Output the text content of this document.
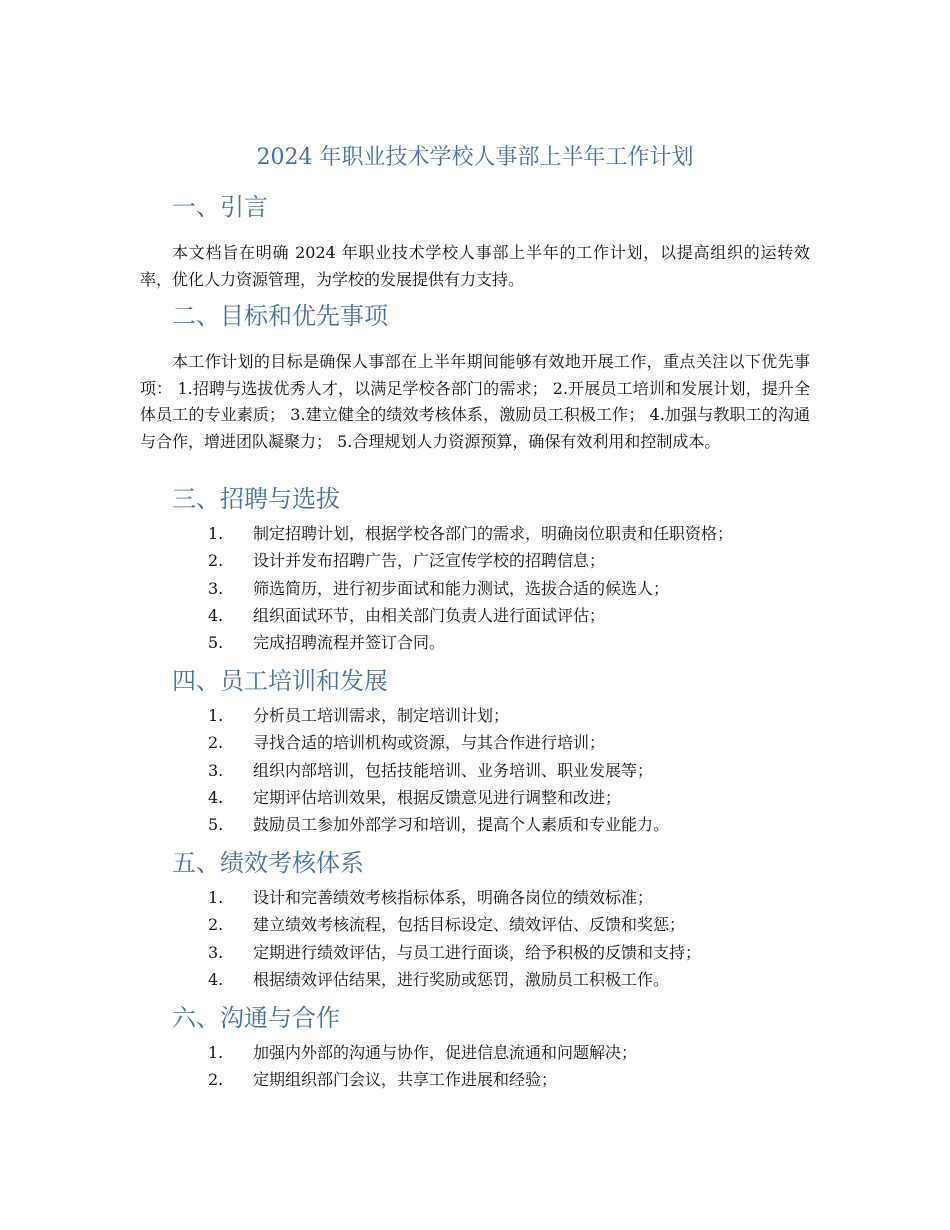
2024 年职业技术学校人事部上半年工作计划
一、引言

本文档旨在明确 2024 年职业技术学校人事部上半年的工作计划，以提高组织的运转效率，优化人力资源管理，为学校的发展提供有力支持。

二、目标和优先事项

本工作计划的目标是确保人事部在上半年期间能够有效地开展工作，重点关注以下优先事项： 1.招聘与选拔优秀人才，以满足学校各部门的需求； 2.开展员工培训和发展计划，提升全体员工的专业素质； 3.建立健全的绩效考核体系，激励员工积极工作； 4.加强与教职工的沟通与合作，增进团队凝聚力； 5.合理规划人力资源预算，确保有效利用和控制成本。

三、招聘与选拔
1. 制定招聘计划，根据学校各部门的需求，明确岗位职责和任职资格；
2. 设计并发布招聘广告，广泛宣传学校的招聘信息；
3. 筛选简历，进行初步面试和能力测试，选拔合适的候选人；
4. 组织面试环节，由相关部门负责人进行面试评估；
5. 完成招聘流程并签订合同。
四、员工培训和发展
1. 分析员工培训需求，制定培训计划；
2. 寻找合适的培训机构或资源，与其合作进行培训；
3. 组织内部培训，包括技能培训、业务培训、职业发展等；
4. 定期评估培训效果，根据反馈意见进行调整和改进；
5. 鼓励员工参加外部学习和培训，提高个人素质和专业能力。
五、绩效考核体系
1. 设计和完善绩效考核指标体系，明确各岗位的绩效标准；
2. 建立绩效考核流程，包括目标设定、绩效评估、反馈和奖惩；
3. 定期进行绩效评估，与员工进行面谈，给予积极的反馈和支持；
4. 根据绩效评估结果，进行奖励或惩罚，激励员工积极工作。
六、沟通与合作
1. 加强内外部的沟通与协作，促进信息流通和问题解决；
2. 定期组织部门会议，共享工作进展和经验；
